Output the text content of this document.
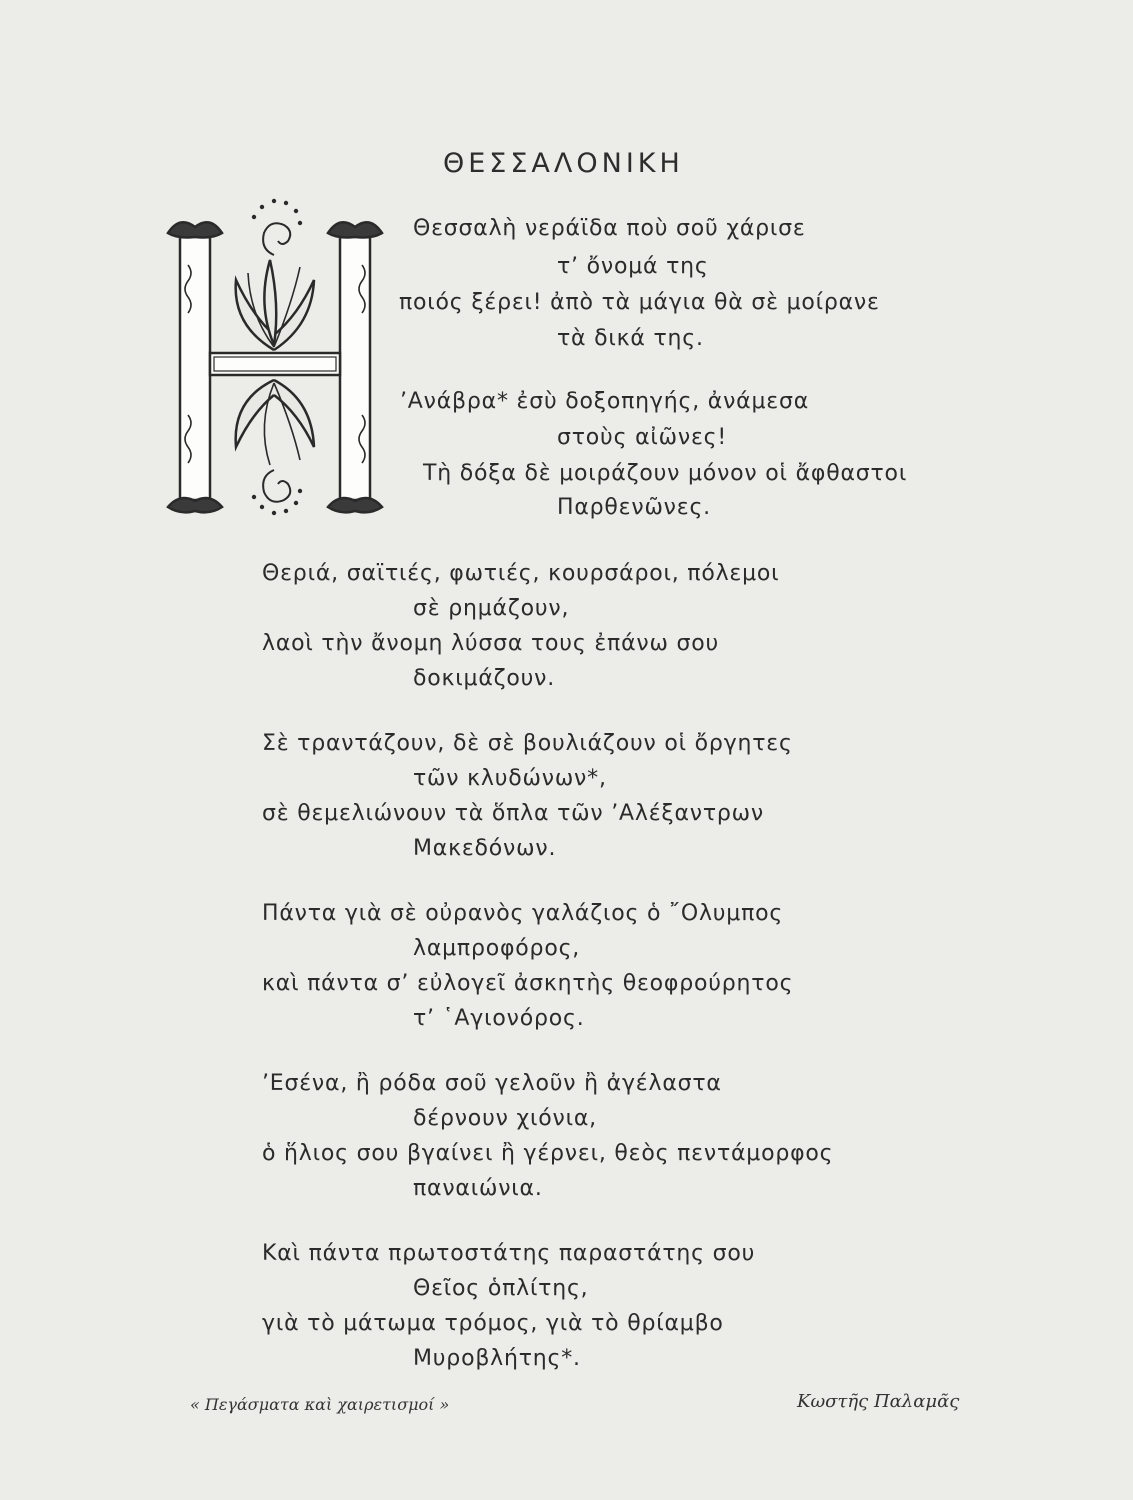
ΘΕΣΣΑΛΟΝΙΚΗ
Θεσσαλὴ νεράϊδα ποὺ σοῦ χάρισε
τ’ ὄνομά της
ποιός ξέρει! ἀπὸ τὰ μάγια θὰ σὲ μοίρανε
τὰ δικά της.
’Ανάβρα* ἐσὺ δοξοπηγής, ἀνάμεσα
στοὺς αἰῶνες!
Τὴ δόξα δὲ μοιράζουν μόνον οἱ ἄφθαστοι
Παρθενῶνες.
Θεριά, σαϊτιές, φωτιές, κουρσάροι, πόλεμοι
σὲ ρημάζουν,
λαοὶ τὴν ἄνομη λύσσα τους ἐπάνω σου
δοκιμάζουν.
Σὲ τραντάζουν, δὲ σὲ βουλιάζουν οἱ ὄργητες
τῶν κλυδώνων*,
σὲ θεμελιώνουν τὰ ὅπλα τῶν ’Αλέξαντρων
Μακεδόνων.
Πάντα γιὰ σὲ οὐρανὸς γαλάζιος ὁ ῎Ολυμπος
λαμπροφόρος,
καὶ πάντα σ’ εὐλογεῖ ἀσκητὴς θεοφρούρητος
τ’ ῾Αγιονόρος.
’Εσένα, ἢ ρόδα σοῦ γελοῦν ἢ ἀγέλαστα
δέρνουν χιόνια,
ὁ ἥλιος σου βγαίνει ἢ γέρνει, θεὸς πεντάμορφος
παναιώνια.
Καὶ πάντα πρωτοστάτης παραστάτης σου
Θεῖος ὁπλίτης,
γιὰ τὸ μάτωμα τρόμος, γιὰ τὸ θρίαμβο
Μυροβλήτης*.
« Πεγάσματα καὶ χαιρετισμοί »	Κωστῆς Παλαμᾶς
